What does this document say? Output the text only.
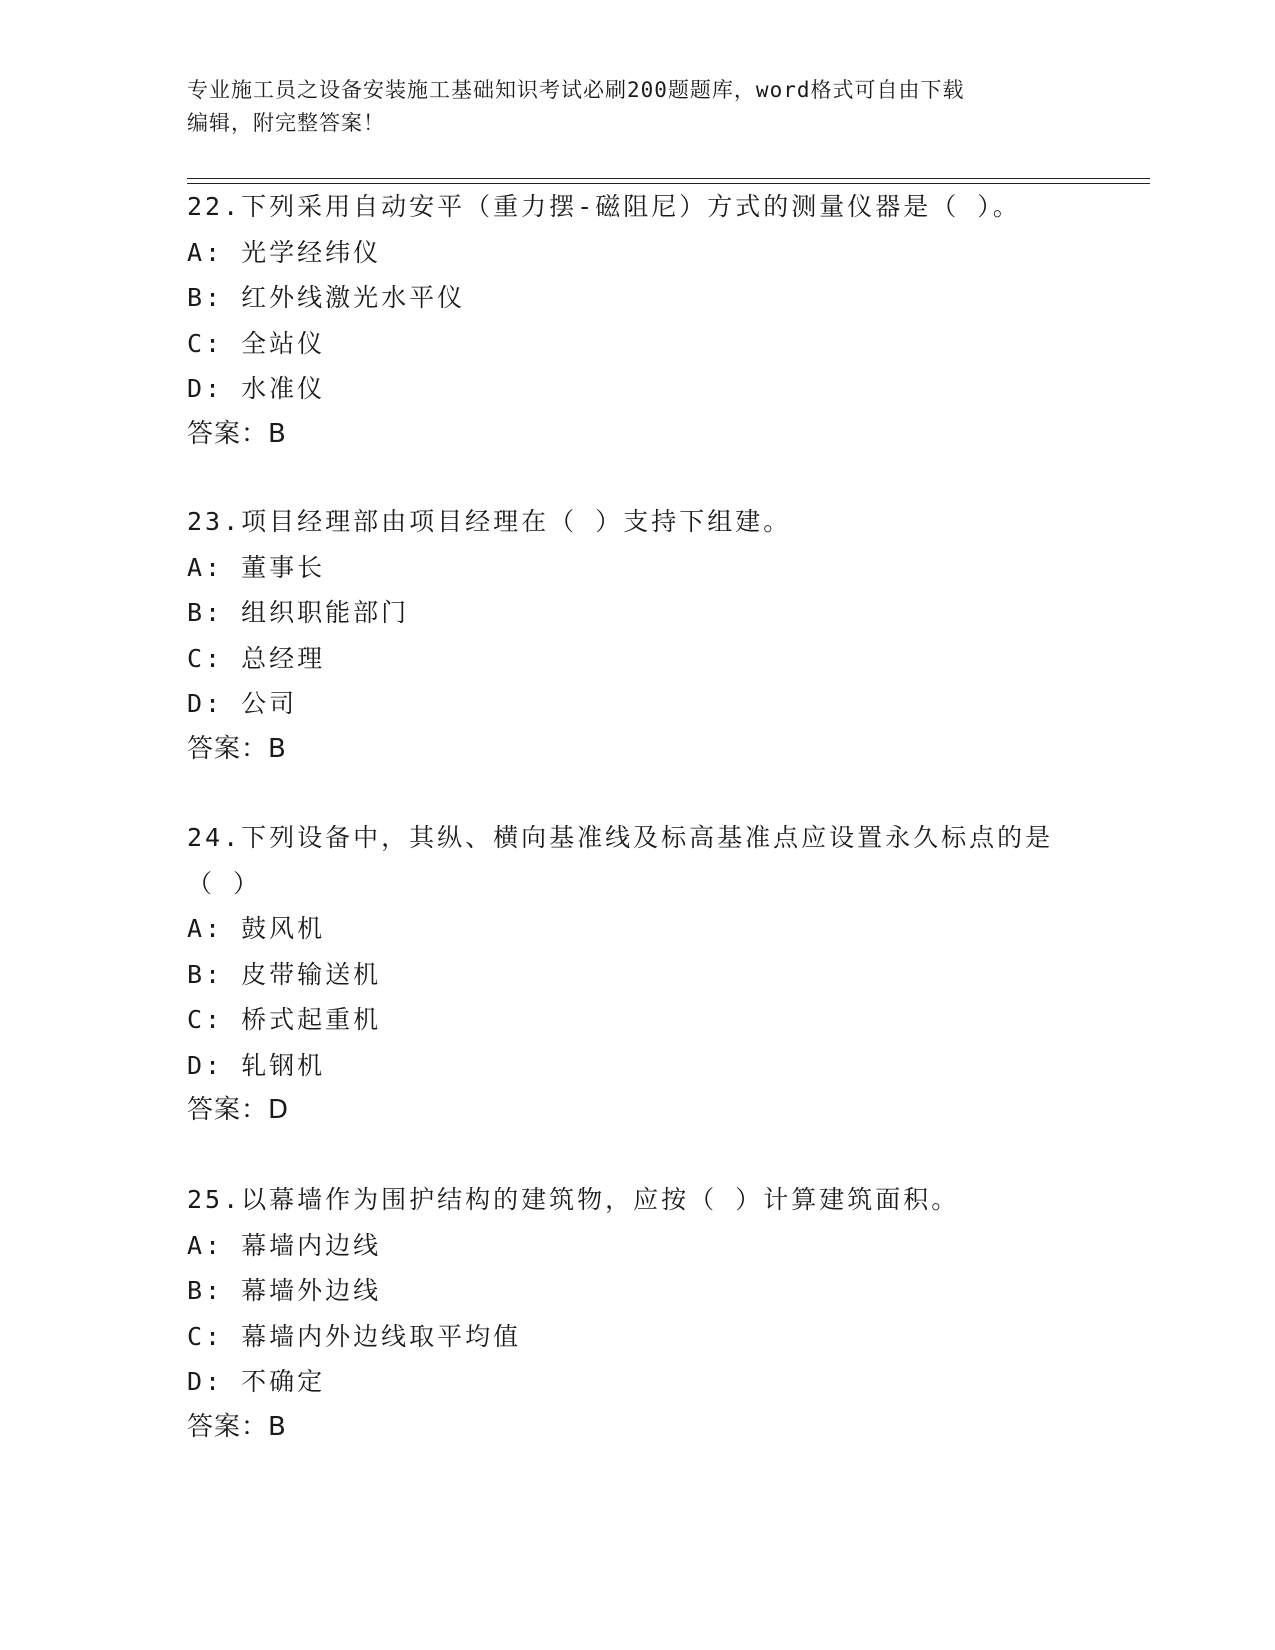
专业施工员之设备安装施工基础知识考试必刷200题题库，word格式可自由下载
编辑，附完整答案！
22.下列采用自动安平（重力摆-磁阻尼）方式的测量仪器是（ ）。
A: 光学经纬仪
B: 红外线激光水平仪
C: 全站仪
D: 水准仪
答案：B
23.项目经理部由项目经理在（ ）支持下组建。
A: 董事长
B: 组织职能部门
C: 总经理
D: 公司
答案：B
24.下列设备中，其纵、横向基准线及标高基准点应设置永久标点的是
（ ）
A: 鼓风机
B: 皮带输送机
C: 桥式起重机
D: 轧钢机
答案：D
25.以幕墙作为围护结构的建筑物，应按（ ）计算建筑面积。
A: 幕墙内边线
B: 幕墙外边线
C: 幕墙内外边线取平均值
D: 不确定
答案：B
